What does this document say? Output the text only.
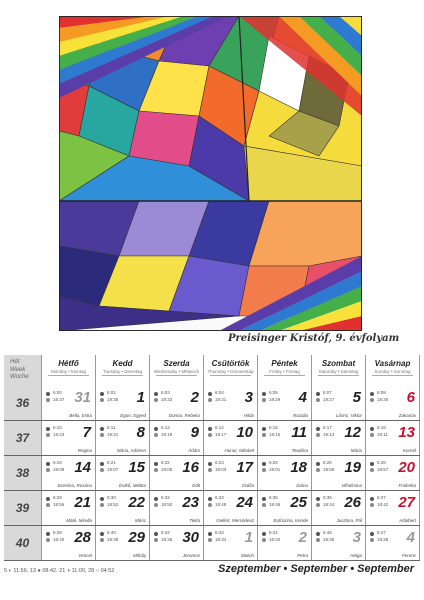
Preisinger Kristóf, 9. évfolyam
Hét
Week
Woche
Hétfő
Monday • Montag
Kedd
Tuesday • Dienstag
Szerda
Wednesday • Mittwoch
Csütörtök
Thursday • Donnerstag
Péntek
Friday • Freitag
Szombat
Saturday • Samstag
Vasárnap
Sunday • Sonntag
36
6:00
19:37 31
Bella, Erika
6:01
19:35 1
Egon, Egyed
6:03
19:33 2
Dorina, Rebeka
6:04
19:31 3
Hilda
6:05
19:29 4
Rozália
6:07
19:27 5
Lőrinc, Viktor
6:08
19:25 6
Zakariás
37
6:10
19:23 7
Regina
6:11
19:21 8
Mária, Adrienn
6:12
19:19 9
Ádám
6:14
19:17 10
Hunor, Nikolett
6:15
19:15 11
Teodóra
6:17
19:13 12
Mária
6:18
19:11 13
Kornél
38
6:19
19:09 14
Szeréna, Roxána
6:21
19:07 15
Enikő, Melitta
6:22
19:05 16
Edit
6:23
19:03 17
Zsófia
6:25
19:01 18
Diána
6:26
18:59 19
Vilhelmina
6:28
18:57 20
Friderika
39
6:29
18:55 21
Máté, Mirella
6:30
18:52 22
Móric
6:32
18:50 23
Tekla
6:33
18:48 24
Gellért, Mercédesz
6:35
18:46 25
Eufrozina, Kende
6:36
18:44 26
Jusztina, Pál
6:37
18:42 27
Adalbert
40
6:39
18:40 28
Vencel
6:40
18:38 29
Mihály
6:42
18:36 30
Jeromos
6:43
18:34 1
Malvin
6:44
18:32 2
Petra
6:46
18:30 3
Helga
6:47
18:28 4
Ferenc
5 ◐ 11:56, 13 ● 08:42, 21 ◑ 11:00, 28 ○ 04:52	Szeptember • September • September
